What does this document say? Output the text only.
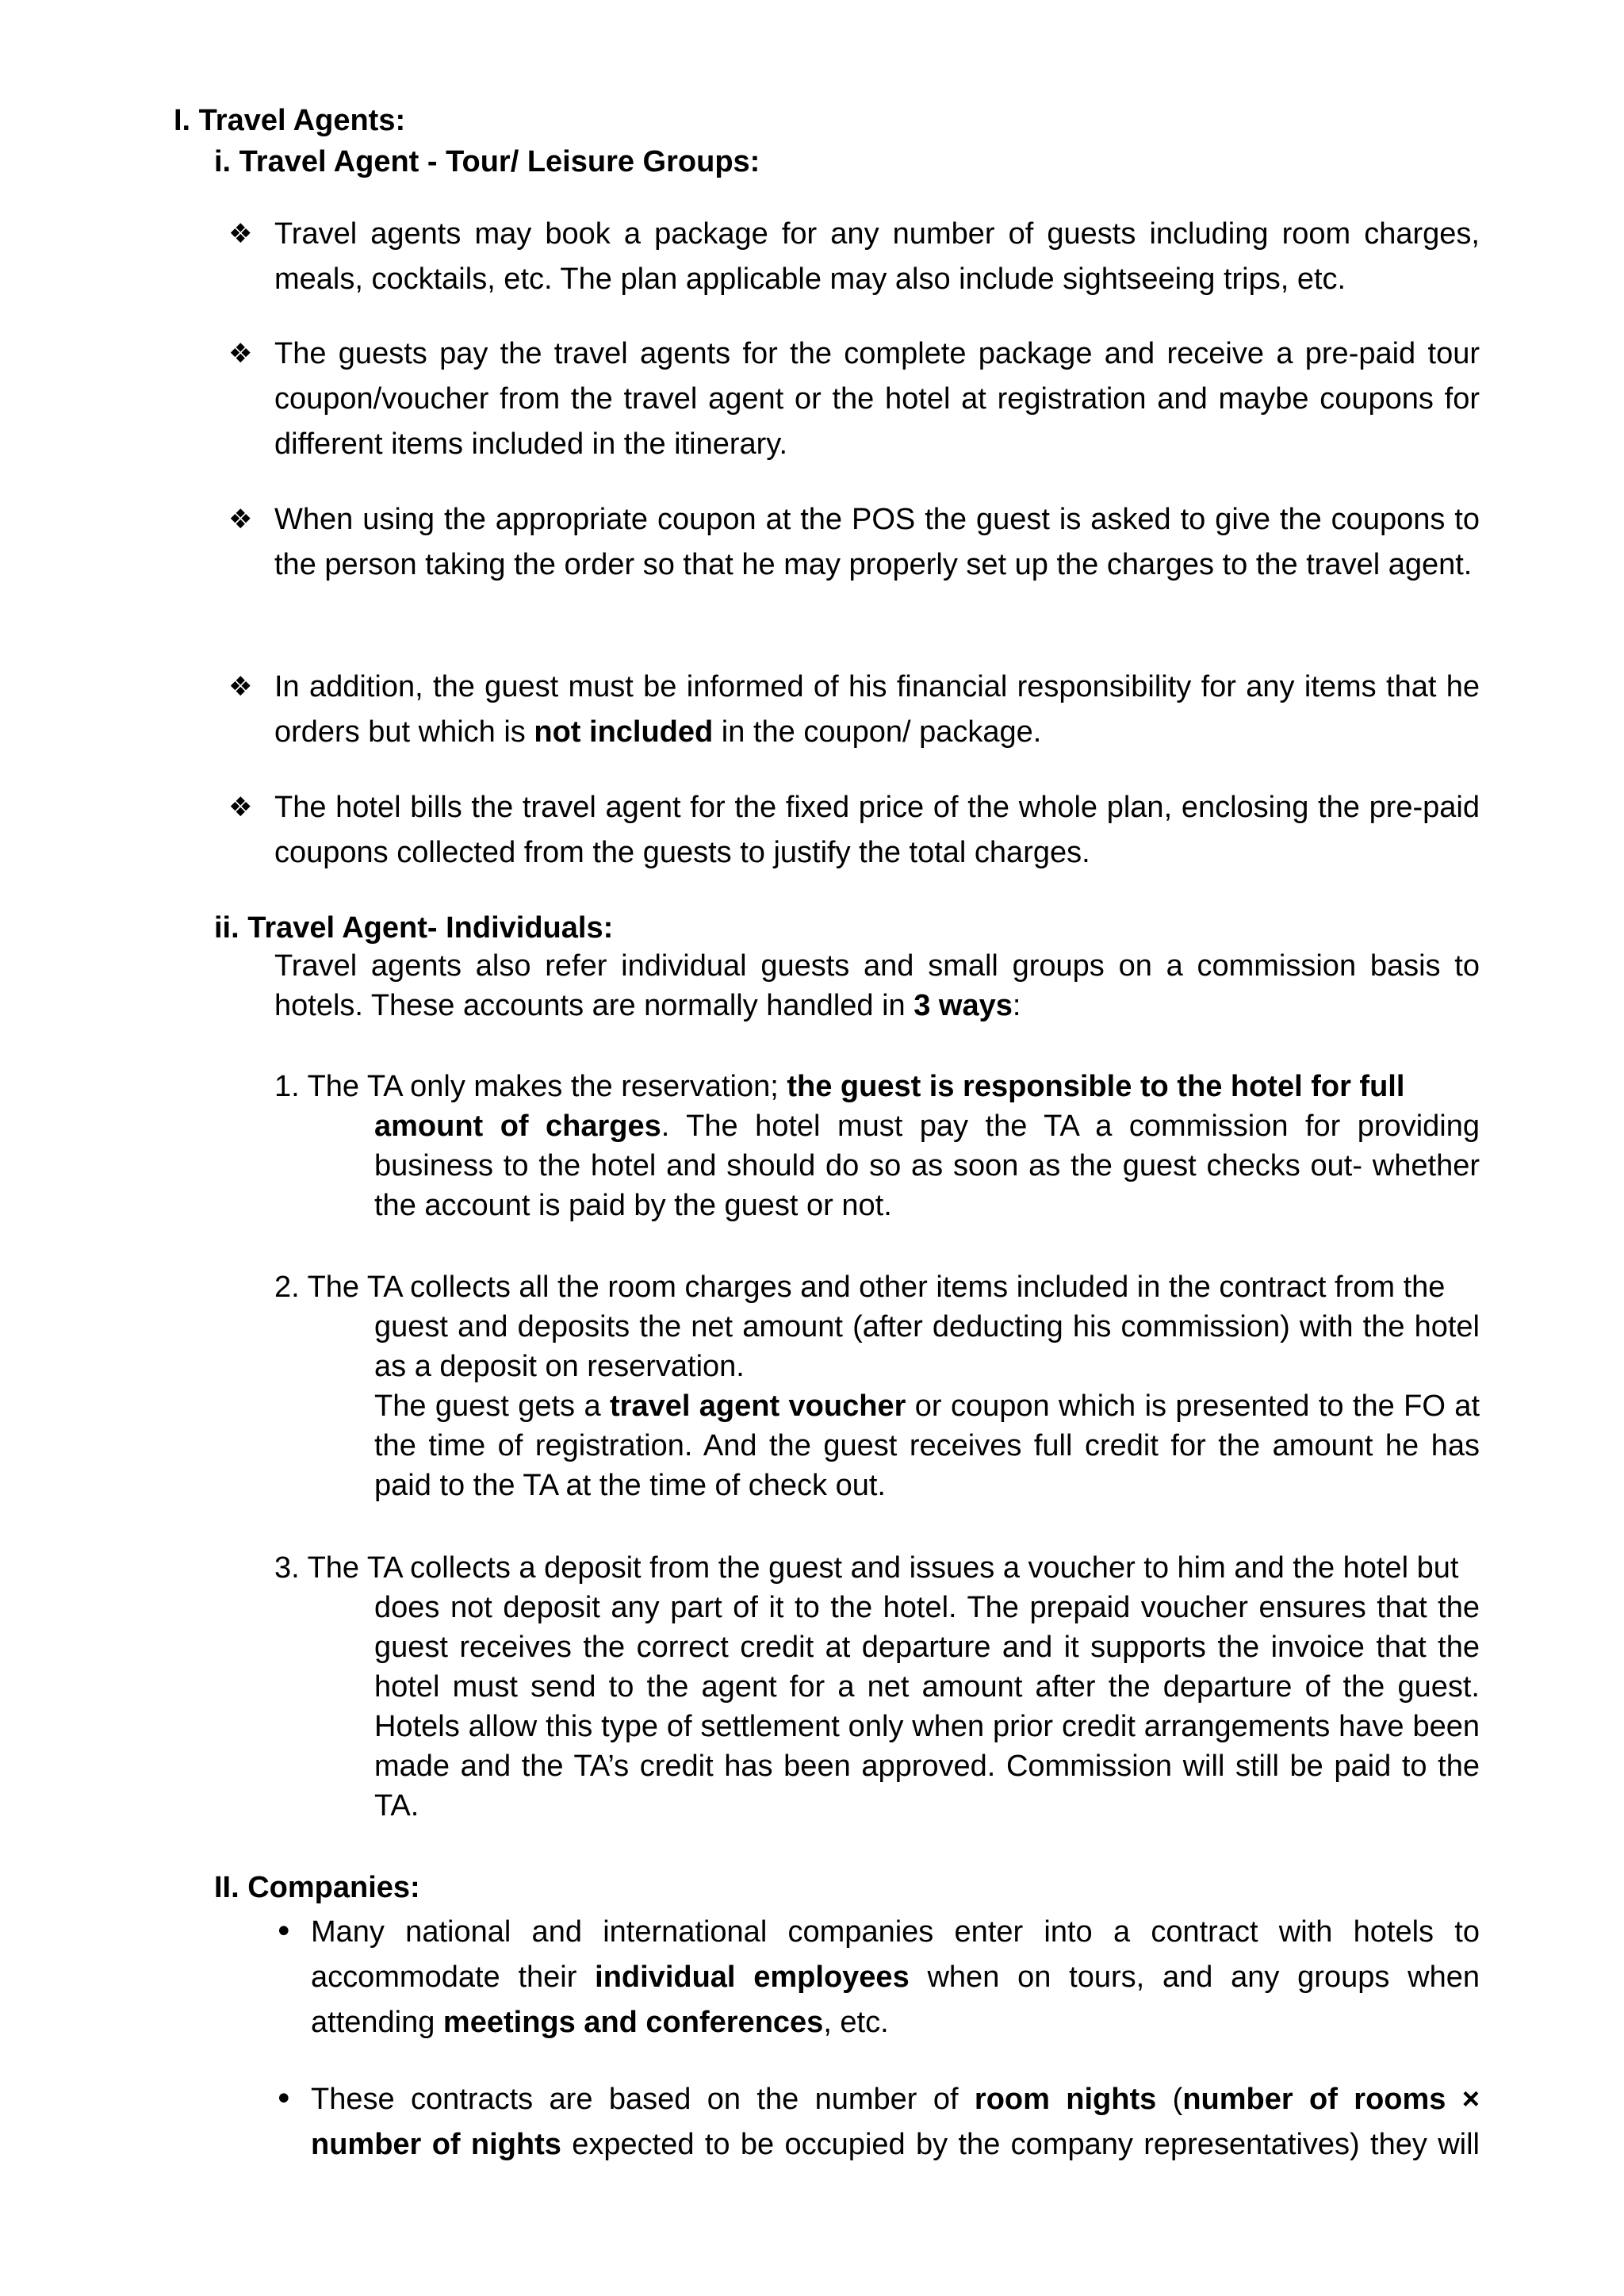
I. Travel Agents:
i. Travel Agent - Tour/ Leisure Groups:
❖ Travel agents may book a package for any number of guests including room charges, meals, cocktails, etc. The plan applicable may also include sightseeing trips, etc.
❖ The guests pay the travel agents for the complete package and receive a pre-paid tour coupon/voucher from the travel agent or the hotel at registration and maybe coupons for different items included in the itinerary.
❖ When using the appropriate coupon at the POS the guest is asked to give the coupons to the person taking the order so that he may properly set up the charges to the travel agent.
❖ In addition, the guest must be informed of his financial responsibility for any items that he orders but which is not included in the coupon/ package.
❖ The hotel bills the travel agent for the fixed price of the whole plan, enclosing the pre-paid coupons collected from the guests to justify the total charges.
ii. Travel Agent- Individuals:
Travel agents also refer individual guests and small groups on a commission basis to hotels. These accounts are normally handled in 3 ways:
1. The TA only makes the reservation; the guest is responsible to the hotel for full
amount of charges. The hotel must pay the TA a commission for providing business to the hotel and should do so as soon as the guest checks out- whether the account is paid by the guest or not.
2. The TA collects all the room charges and other items included in the contract from the
guest and deposits the net amount (after deducting his commission) with the hotel as a deposit on reservation.
The guest gets a travel agent voucher or coupon which is presented to the FO at the time of registration. And the guest receives full credit for the amount he has paid to the TA at the time of check out.
3. The TA collects a deposit from the guest and issues a voucher to him and the hotel but
does not deposit any part of it to the hotel. The prepaid voucher ensures that the guest receives the correct credit at departure and it supports the invoice that the hotel must send to the agent for a net amount after the departure of the guest. Hotels allow this type of settlement only when prior credit arrangements have been made and the TA’s credit has been approved. Commission will still be paid to the TA.
II. Companies:
• Many national and international companies enter into a contract with hotels to accommodate their individual employees when on tours, and any groups when attending meetings and conferences, etc.
• These contracts are based on the number of room nights (number of rooms × number of nights expected to be occupied by the company representatives) they will
